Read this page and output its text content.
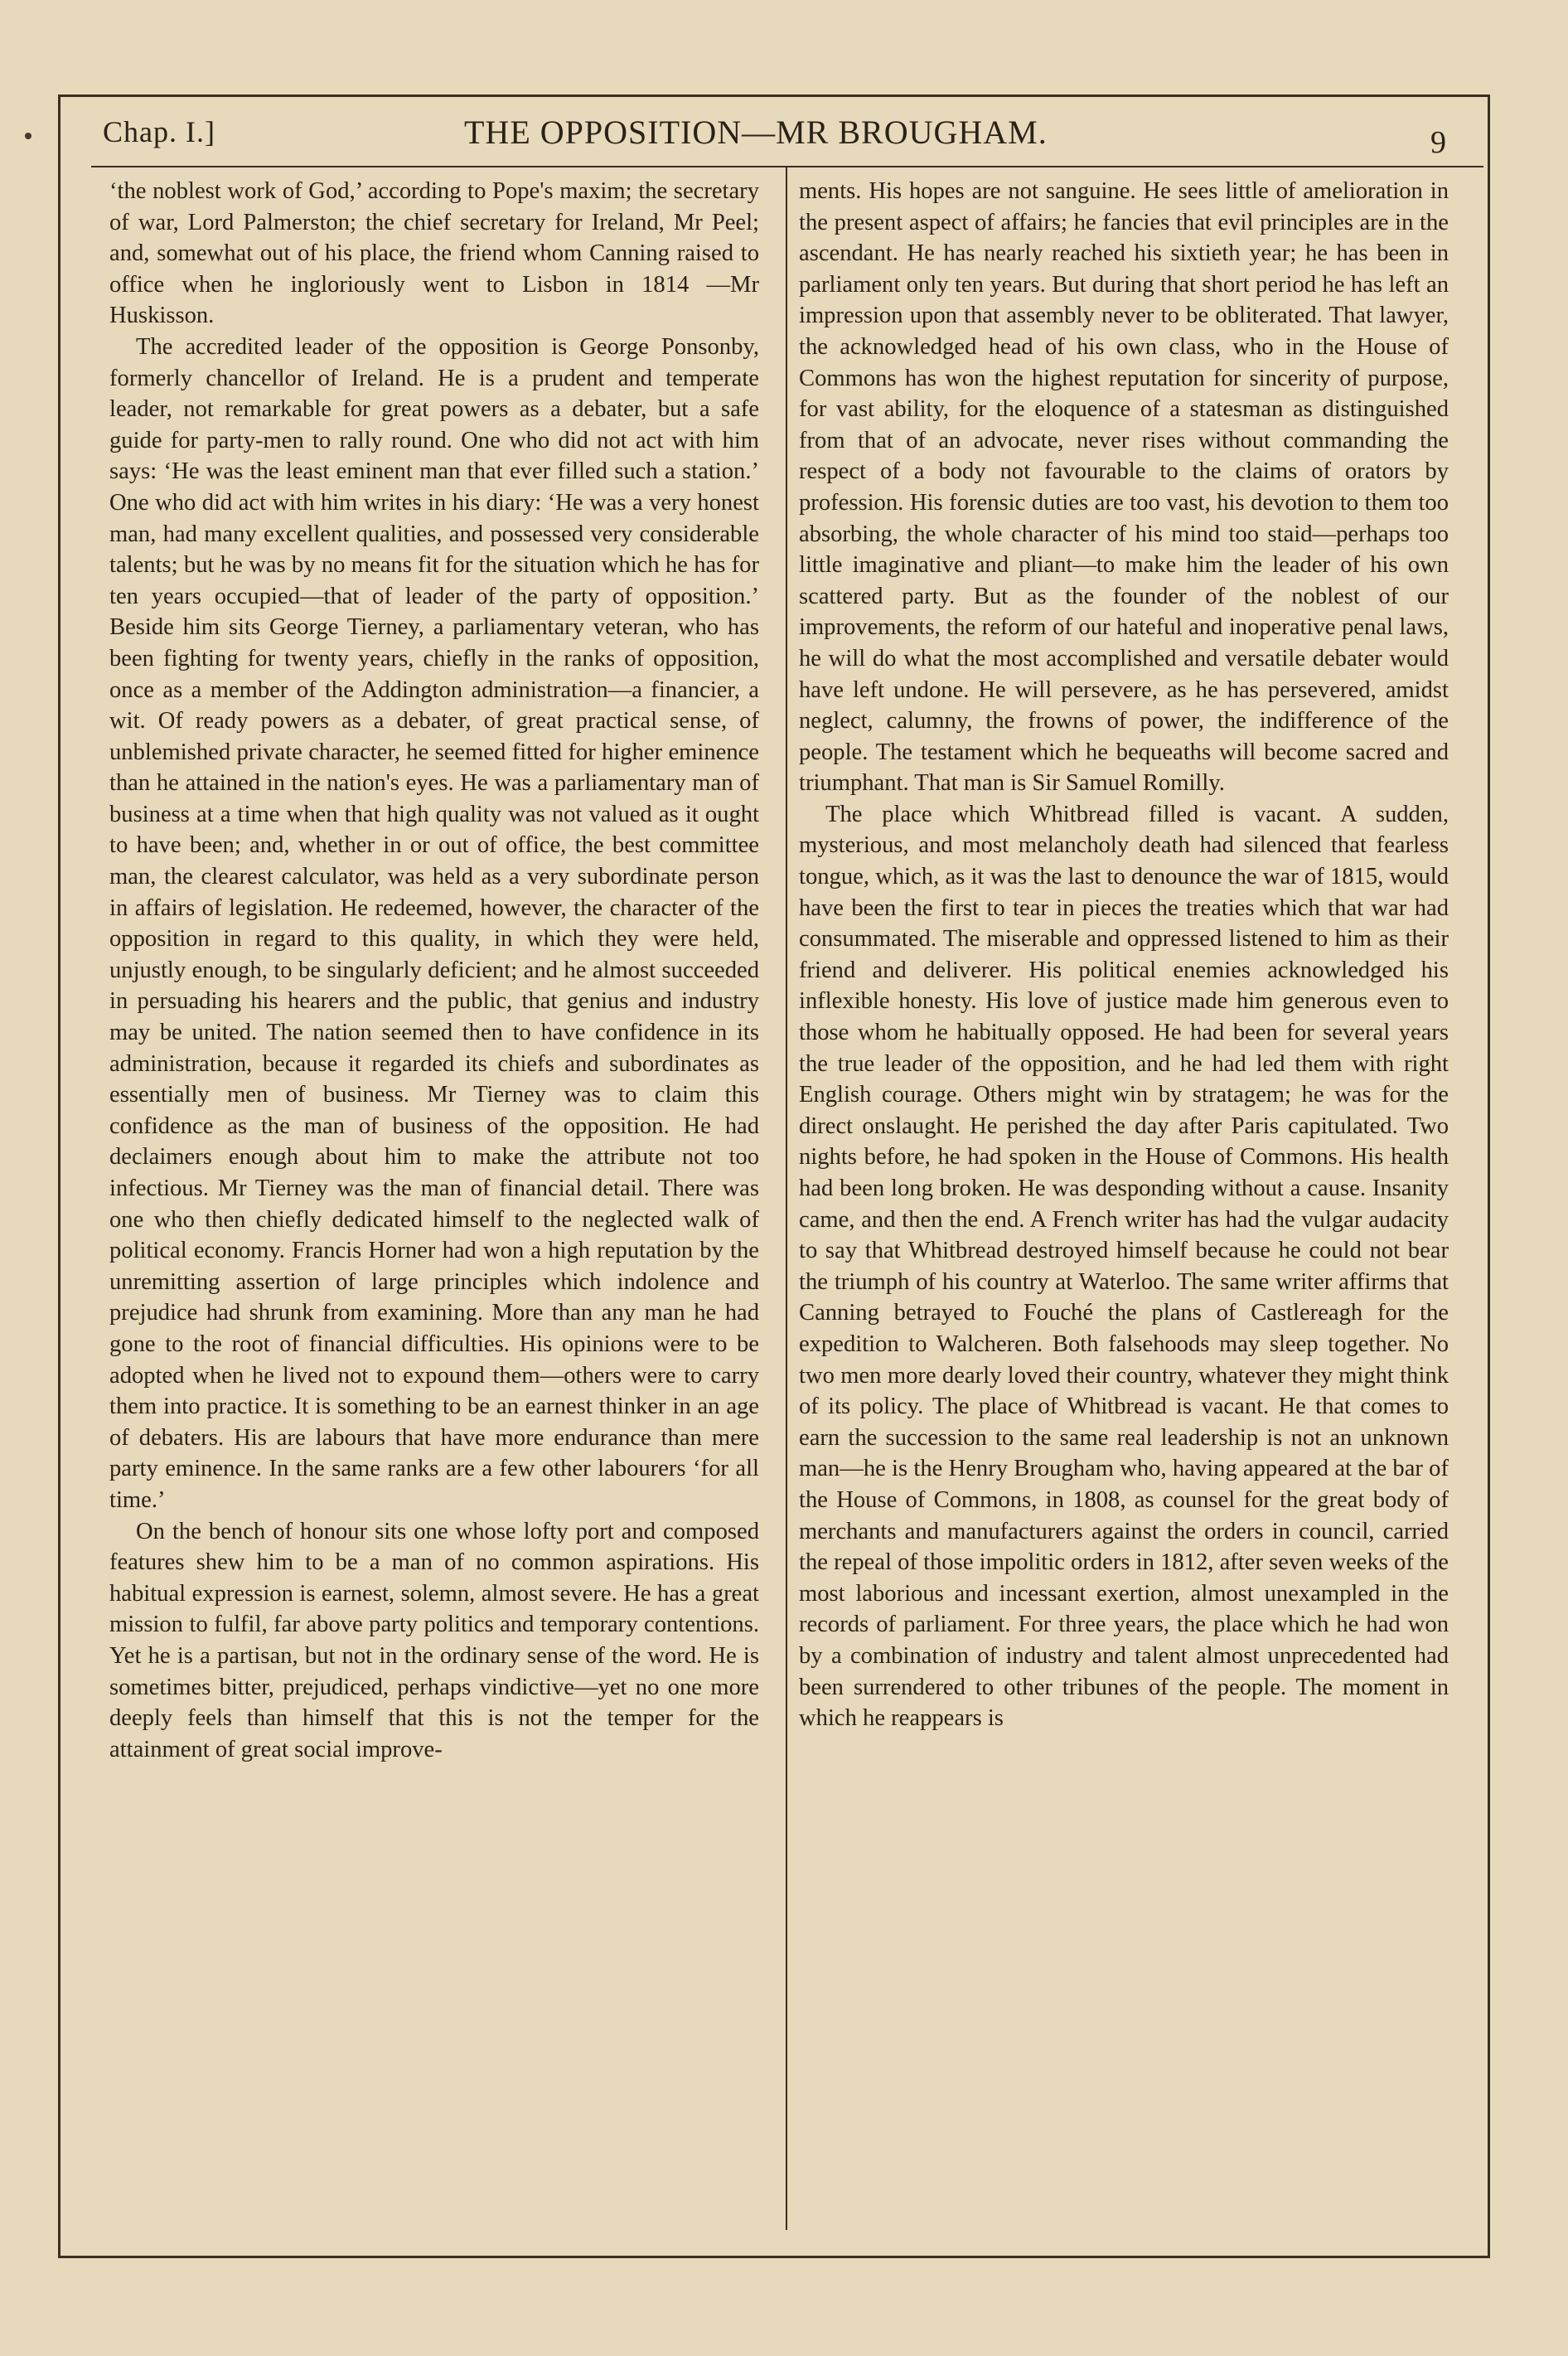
Chap. I.]	THE OPPOSITION—MR BROUGHAM.	9

‘the noblest work of God,’ according to Pope's maxim; the secretary of war, Lord Palmerston; the chief secretary for Ireland, Mr Peel; and, somewhat out of his place, the friend whom Canning raised to office when he ingloriously went to Lisbon in 1814 —Mr Huskisson.

The accredited leader of the opposition is George Ponsonby, formerly chancellor of Ireland. He is a prudent and temperate leader, not remarkable for great powers as a debater, but a safe guide for party-men to rally round. One who did not act with him says: ‘He was the least eminent man that ever filled such a station.’ One who did act with him writes in his diary: ‘He was a very honest man, had many excellent qualities, and possessed very considerable talents; but he was by no means fit for the situation which he has for ten years occupied—that of leader of the party of opposition.’ Beside him sits George Tierney, a parliamentary veteran, who has been fighting for twenty years, chiefly in the ranks of opposition, once as a member of the Addington administration—a financier, a wit. Of ready powers as a debater, of great practical sense, of unblemished private character, he seemed fitted for higher eminence than he attained in the nation's eyes. He was a parliamentary man of business at a time when that high quality was not valued as it ought to have been; and, whether in or out of office, the best committee man, the clearest calculator, was held as a very subordinate person in affairs of legislation. He redeemed, however, the character of the opposition in regard to this quality, in which they were held, unjustly enough, to be singularly deficient; and he almost succeeded in persuading his hearers and the public, that genius and industry may be united. The nation seemed then to have confidence in its administration, because it regarded its chiefs and subordinates as essentially men of business. Mr Tierney was to claim this confidence as the man of business of the opposition. He had declaimers enough about him to make the attribute not too infectious. Mr Tierney was the man of financial detail. There was one who then chiefly dedicated himself to the neglected walk of political economy. Francis Horner had won a high reputation by the unremitting assertion of large principles which indolence and prejudice had shrunk from examining. More than any man he had gone to the root of financial difficulties. His opinions were to be adopted when he lived not to expound them—others were to carry them into practice. It is something to be an earnest thinker in an age of debaters. His are labours that have more endurance than mere party eminence. In the same ranks are a few other labourers ‘for all time.’

On the bench of honour sits one whose lofty port and composed features shew him to be a man of no common aspirations. His habitual expression is earnest, solemn, almost severe. He has a great mission to fulfil, far above party politics and temporary contentions. Yet he is a partisan, but not in the ordinary sense of the word. He is sometimes bitter, prejudiced, perhaps vindictive—yet no one more deeply feels than himself that this is not the temper for the attainment of great social improve-

ments. His hopes are not sanguine. He sees little of amelioration in the present aspect of affairs; he fancies that evil principles are in the ascendant. He has nearly reached his sixtieth year; he has been in parliament only ten years. But during that short period he has left an impression upon that assembly never to be obliterated. That lawyer, the acknowledged head of his own class, who in the House of Commons has won the highest reputation for sincerity of purpose, for vast ability, for the eloquence of a statesman as distinguished from that of an advocate, never rises without commanding the respect of a body not favourable to the claims of orators by profession. His forensic duties are too vast, his devotion to them too absorbing, the whole character of his mind too staid—perhaps too little imaginative and pliant—to make him the leader of his own scattered party. But as the founder of the noblest of our improvements, the reform of our hateful and inoperative penal laws, he will do what the most accomplished and versatile debater would have left undone. He will persevere, as he has persevered, amidst neglect, calumny, the frowns of power, the indifference of the people. The testament which he bequeaths will become sacred and triumphant. That man is Sir Samuel Romilly.

The place which Whitbread filled is vacant. A sudden, mysterious, and most melancholy death had silenced that fearless tongue, which, as it was the last to denounce the war of 1815, would have been the first to tear in pieces the treaties which that war had consummated. The miserable and oppressed listened to him as their friend and deliverer. His political enemies acknowledged his inflexible honesty. His love of justice made him generous even to those whom he habitually opposed. He had been for several years the true leader of the opposition, and he had led them with right English courage. Others might win by stratagem; he was for the direct onslaught. He perished the day after Paris capitulated. Two nights before, he had spoken in the House of Commons. His health had been long broken. He was desponding without a cause. Insanity came, and then the end. A French writer has had the vulgar audacity to say that Whitbread destroyed himself because he could not bear the triumph of his country at Waterloo. The same writer affirms that Canning betrayed to Fouché the plans of Castlereagh for the expedition to Walcheren. Both falsehoods may sleep together. No two men more dearly loved their country, whatever they might think of its policy. The place of Whitbread is vacant. He that comes to earn the succession to the same real leadership is not an unknown man—he is the Henry Brougham who, having appeared at the bar of the House of Commons, in 1808, as counsel for the great body of merchants and manufacturers against the orders in council, carried the repeal of those impolitic orders in 1812, after seven weeks of the most laborious and incessant exertion, almost unexampled in the records of parliament. For three years, the place which he had won by a combination of industry and talent almost unprecedented had been surrendered to other tribunes of the people. The moment in which he reappears is
